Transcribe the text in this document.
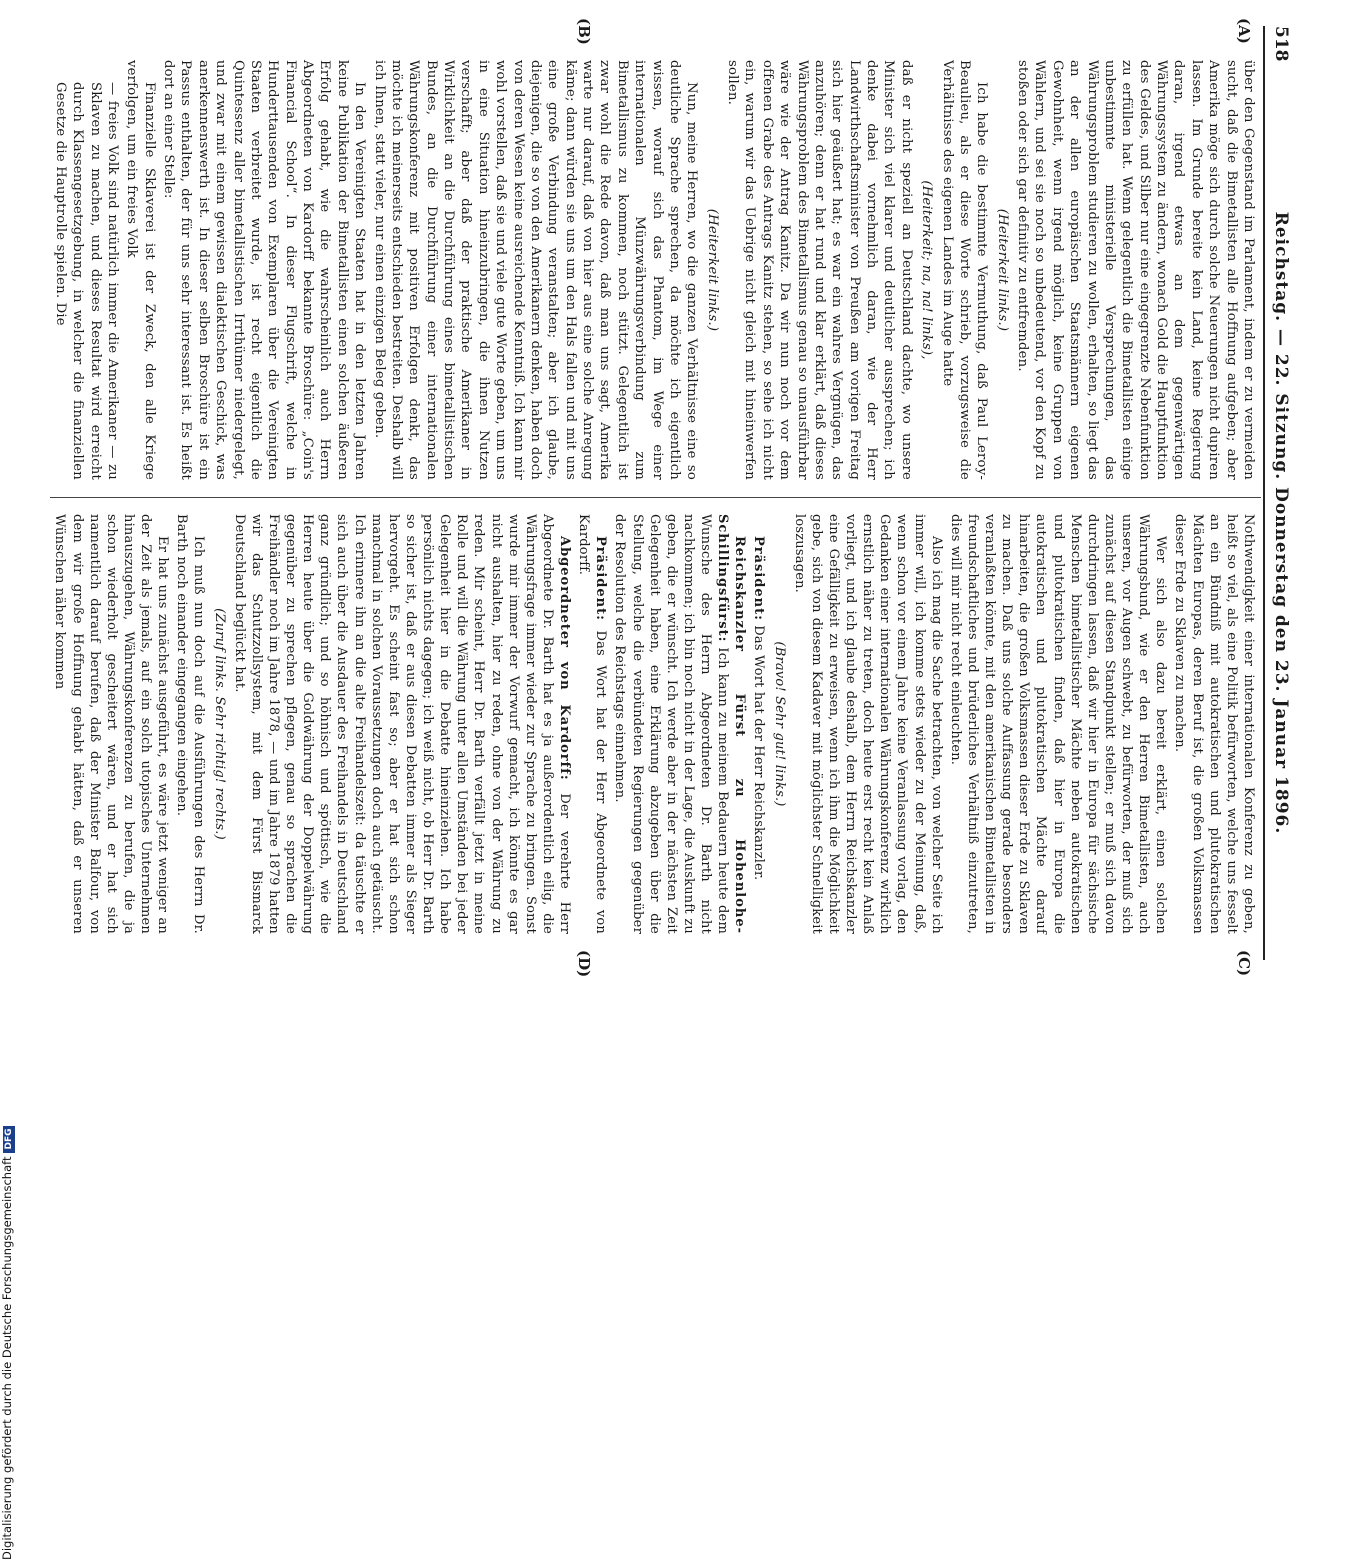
518
Reichstag. — 22. Sitzung. Donnerstag den 23. Januar 1896.
(A)
(B)
(C)
(D)

über den Gegenstand im Parlament, indem er zu vermeiden sucht, daß die Bimetallisten alle Hoffnung aufgeben; aber Amerika möge sich durch solche Neuerungen nicht dupiren lassen. Im Grunde bereite kein Land, keine Regierung daran, irgend etwas an dem gegenwärtigen Währungssystem zu ändern, wonach Gold die Hauptfunktion des Geldes, und Silber nur eine eingegrenzte Nebenfunktion zu erfüllen hat. Wenn gelegentlich die Bimetallisten einige unbestimmte ministerielle Versprechungen, das Währungsproblem studieren zu wollen, erhalten, so liegt das an der allen europäischen Staatsmännern eigenen Gewohnheit, wenn irgend möglich, keine Gruppen von Wählern, und sei sie noch so unbedeutend, vor den Kopf zu stoßen oder sich gar definitiv zu entfremden.

(Heiterkeit links.)

Ich habe die bestimmte Vermuthung, daß Paul Leroy-Beaulieu, als er diese Worte schrieb, vorzugsweise die Verhältnisse des eigenen Landes im Auge hatte

(Heiterkeit; na, na! links),

daß er nicht speziell an Deutschland dachte, wo unsere Minister sich viel klarer und deutlicher aussprechen; ich denke dabei vornehmlich daran, wie der Herr Landwirthschaftsminister von Preußen am vorigen Freitag sich hier geäußert hat; es war ein wahres Vergnügen, das anzuhören; denn er hat rund und klar erklärt, daß dieses Währungsproblem des Bimetallismus genau so unausführbar wäre wie der Antrag Kanitz. Da wir nun noch vor dem offenen Grabe des Antrags Kanitz stehen, so sehe ich nicht ein, warum wir das Uebrige nicht gleich mit hineinwerfen sollen.

(Heiterkeit links.)

Nun, meine Herren, wo die ganzen Verhältnisse eine so deutliche Sprache sprechen, da möchte ich eigentlich wissen, worauf sich das Phantom, im Wege einer internationalen Münzwährungsverbindung zum Bimetallismus zu kommen, noch stützt. Gelegentlich ist zwar wohl die Rede davon, daß man uns sagt, Amerika warte nur darauf, daß von hier aus eine solche Anregung käme; dann würden sie uns um den Hals fallen und mit uns eine große Verbindung veranstalten; aber ich glaube, diejenigen, die so von den Amerikanern denken, haben doch von deren Wesen keine ausreichende Kenntniß. Ich kann mir wohl vorstellen, daß sie und viele gute Worte geben, um uns in eine Situation hineinzubringen, die ihnen Nutzen verschafft; aber daß der praktische Amerikaner in Wirklichkeit an die Durchführung eines bimetallistischen Bundes, an die Durchführung einer internationalen Währungskonferenz mit positiven Erfolgen denkt, das möchte ich meinerseits entschieden bestreiten. Deshalb will ich Ihnen, statt vieler, nur einen einzigen Beleg geben.

In den Vereinigten Staaten hat in den letzten Jahren keine Publikation der Bimetallisten einen solchen äußeren Erfolg gehabt, wie die wahrscheinlich auch Herrn Abgeordneten von Kardorff bekannte Broschüre: „Coin's Financial School“. In dieser Flugschrift, welche in Hunderttausenden von Exemplaren über die Vereinigten Staaten verbreitet wurde, ist recht eigentlich die Quintessenz aller bimetallistischen Irrthümer niedergelegt, und zwar mit einem gewissen dialektischen Geschick, was anerkennenswerth ist. In dieser selben Broschüre ist ein Passus enthalten, der für uns sehr interessant ist. Es heißt dort an einer Stelle:

Finanzielle Sklaverei ist der Zweck, den alle Kriege verfolgen, um ein freies Volk

— freies Volk sind natürlich immer die Amerikaner — zu Sklaven zu machen, und dieses Resultat wird erreicht durch Klassengesetzgebung, in welcher die finanziellen Gesetze die Hauptrolle spielen. Die

Nothwendigkeit einer internationalen Konferenz zu geben, heißt so viel, als eine Politik befürworten, welche uns fesselt an ein Bündniß mit autokratischen und plutokratischen Mächten Europas, deren Beruf ist, die großen Volksmassen dieser Erde zu Sklaven zu machen.

Wer sich also dazu bereit erklärt, einen solchen Währungsbund, wie er den Herren Bimetallisten, auch unseren, vor Augen schwebt, zu befürworten, der muß sich zunächst auf diesen Standpunkt stellen; er muß sich davon durchdringen lassen, daß wir hier in Europa für sächsische Menschen bimetallistischer Mächte neben autokratischen und plutokratischen finden, daß hier in Europa die autokratischen und plutokratischen Mächte darauf hinarbeiten, die großen Volksmassen dieser Erde zu Sklaven zu machen. Daß uns solche Auffassung gerade besonders veranlaßten könnte, mit den amerikanischen Bimetallisten in freundschaftliches und brüderliches Verhältniß einzutreten, dies will mir nicht recht einleuchten.

Also ich mag die Sache betrachten, von welcher Seite ich immer will, ich komme stets wieder zu der Meinung, daß, wenn schon vor einem Jahre keine Veranlassung vorlag, den Gedanken einer internationalen Währungskonferenz wirklich ernstlich näher zu treten, doch heute erst recht kein Anlaß vorliegt, und ich glaube deshalb, dem Herrn Reichskanzler eine Gefälligkeit zu erweisen, wenn ich ihm die Möglichkeit gebe, sich von diesem Kadaver mit möglichster Schnelligkeit loszusagen.

(Bravo! Sehr gut! links.)

Präsident: Das Wort hat der Herr Reichskanzler.

Reichskanzler Fürst zu Hohenlohe-Schillingsfürst: Ich kann zu meinem Bedauern heute dem Wunsche des Herrn Abgeordneten Dr. Barth nicht nachkommen; ich bin noch nicht in der Lage, die Auskunft zu geben, die er wünscht. Ich werde aber in der nächsten Zeit Gelegenheit haben, eine Erklärung abzugeben über die Stellung, welche die verbündeten Regierungen gegenüber der Resolution des Reichstags einnehmen.

Präsident: Das Wort hat der Herr Abgeordnete von Kardorff.

Abgeordneter von Kardorff: Der verehrte Herr Abgeordnete Dr. Barth hat es ja außerordentlich eilig, die Währungsfrage immer wieder zur Sprache zu bringen. Sonst wurde mir immer der Vorwurf gemacht, ich könnte es gar nicht aushalten, hier zu reden, ohne von der Währung zu reden. Mir scheint, Herr Dr. Barth verfällt jetzt in meine Rolle und will die Währung unter allen Umständen bei jeder Gelegenheit hier in die Debatte hineinziehen. Ich habe persönlich nichts dagegen; ich weiß nicht, ob Herr Dr. Barth so sicher ist, daß er aus diesen Debatten immer als Sieger hervorgeht. Es scheint fast so; aber er hat sich schon manchmal in solchen Voraussetzungen doch auch getäuscht. Ich erinnere ihn an die alte Freihandelszeit: da täuschte er sich auch über die Ausdauer des Freihandels in Deutschland ganz gründlich; und so höhnisch und spöttisch, wie die Herren heute über die Goldwährung der Doppelwährung gegenüber zu sprechen pflegen, genau so sprachen die Freihändler noch im Jahre 1878, — und im Jahre 1879 hatten wir das Schutzzollsystem, mit dem Fürst Bismarck Deutschland beglückt hat.

(Zuruf links. Sehr richtig! rechts.)

Ich muß nun doch auf die Ausführungen des Herrn Dr. Barth noch einander eingegangen eingehen.

Er hat uns zunächst ausgeführt, es wäre jetzt weniger an der Zeit als jemals, auf ein solch utopisches Unternehmen hinauszugehen, Währungskonferenzen zu berufen, die ja schon wiederholt gescheitert wären, und er hat sich namentlich darauf berufen, daß der Minister Balfour, von dem wir große Hoffnung gehabt hätten, daß er unseren Wünschen näher kommen

Digitalisierung gefördert durch die Deutsche ForschungsgemeinschaftDFG
